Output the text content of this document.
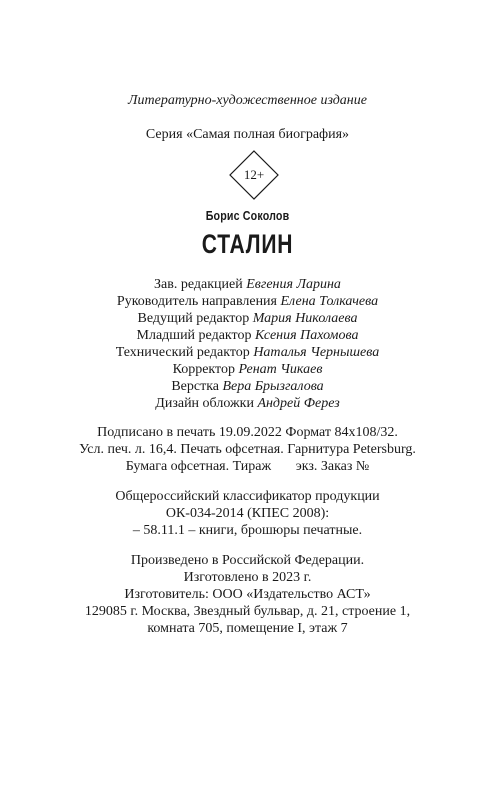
Литературно-художественное издание
Серия «Самая полная биография»
12+
Борис Соколов
СТАЛИН
Зав. редакцией Евгения Ларина
Руководитель направления Елена Толкачева
Ведущий редактор Мария Николаева
Младший редактор Ксения Пахомова
Технический редактор Наталья Чернышева
Корректор Ренат Чикаев
Верстка Вера Брызгалова
Дизайн обложки Андрей Ферез
Подписано в печать 19.09.2022 Формат 84x108/32.
Усл. печ. л. 16,4. Печать офсетная. Гарнитура Petersburg.
Бумага офсетная. Тираж       экз. Заказ №
Общероссийский классификатор продукции
ОК-034-2014 (КПЕС 2008):
– 58.11.1 – книги, брошюры печатные.
Произведено в Российской Федерации.
Изготовлено в 2023 г.
Изготовитель: ООО «Издательство АСТ»
129085 г. Москва, Звездный бульвар, д. 21, строение 1,
комната 705, помещение I, этаж 7
